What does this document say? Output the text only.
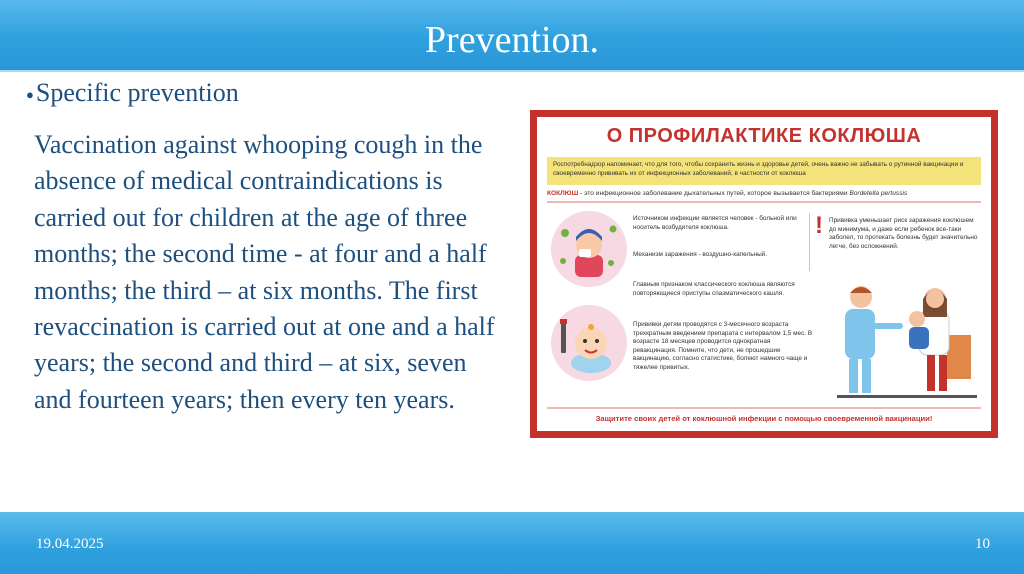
Prevention.
●Specific prevention
Vaccination against whooping cough in the absence of medical contraindications is carried out for children at the age of three months; the second time - at four and a half months; the third – at six months. The first revaccination is carried out at one and a half years; the second and third – at six, seven and fourteen years; then every ten years.
О ПРОФИЛАКТИКЕ КОКЛЮША
Роспотребнадзор напоминает, что для того, чтобы сохранить жизнь и здоровье детей, очень важно не забывать о рутинной вакцинации и своевременно прививать их от инфекционных заболеваний, в частности от коклюша
КОКЛЮШ - это инфекционное заболевание дыхательных путей, которое вызывается бактериями Bordetella pertussis
Источником инфекции является человек - больной или носитель возбудителя коклюша.
Механизм заражения - воздушно-капельный.
Главным признаком классического коклюша являются повторяющиеся приступы спазматического кашля.
Прививки детям проводятся с 3-месячного возраста трехкратным введением препарата с интервалом 1,5 мес. В возрасте 18 месяцев проводится однократная ревакцинация. Помните, что дети, не прошедшие вакцинацию, согласно статистике, болеют намного чаще и тяжелее привитых.
! Прививка уменьшает риск заражения коклюшем до минимума, и даже если ребенок все-таки заболел, то протекать болезнь будет значительно легче, без осложнений.
Защитите своих детей от коклюшной инфекции с помощью своевременной вакцинации!
19.04.2025	10
